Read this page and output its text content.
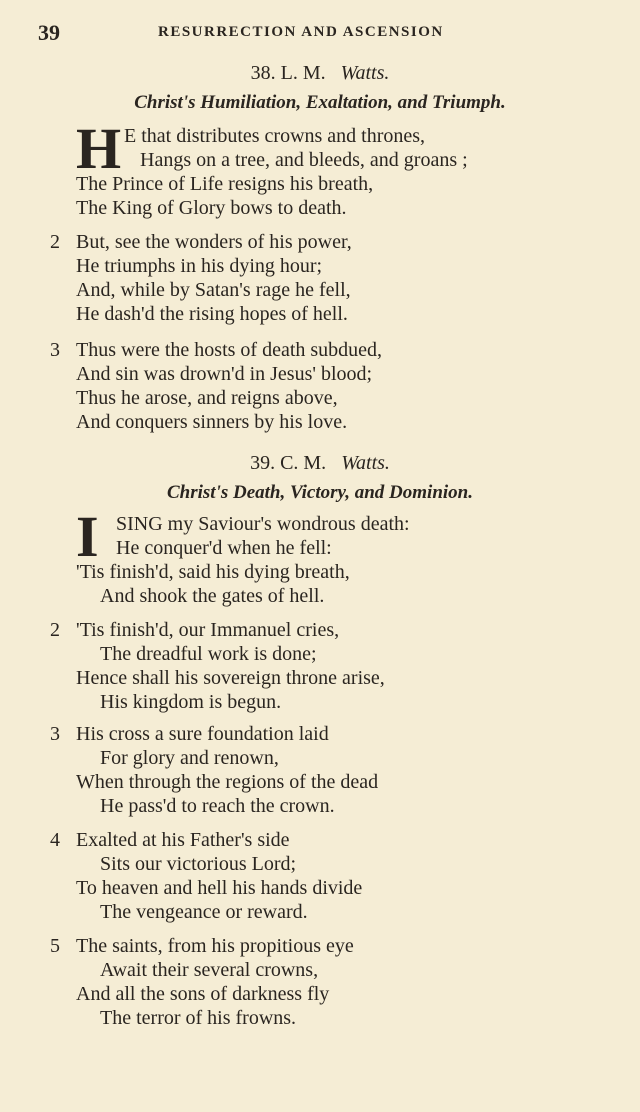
39	RESURRECTION AND ASCENSION
38. L. M. Watts.
Christ's Humiliation, Exaltation, and Triumph.
H E that distributes crowns and thrones,
Hangs on a tree, and bleeds, and groans ;
The Prince of Life resigns his breath,
The King of Glory bows to death.
2 But, see the wonders of his power,
He triumphs in his dying hour;
And, while by Satan's rage he fell,
He dash'd the rising hopes of hell.
3 Thus were the hosts of death subdued,
And sin was drown'd in Jesus' blood;
Thus he arose, and reigns above,
And conquers sinners by his love.
39. C. M. Watts.
Christ's Death, Victory, and Dominion.
I SING my Saviour's wondrous death:
He conquer'd when he fell:
'Tis finish'd, said his dying breath,
And shook the gates of hell.
2 'Tis finish'd, our Immanuel cries,
The dreadful work is done;
Hence shall his sovereign throne arise,
His kingdom is begun.
3 His cross a sure foundation laid
For glory and renown,
When through the regions of the dead
He pass'd to reach the crown.
4 Exalted at his Father's side
Sits our victorious Lord;
To heaven and hell his hands divide
The vengeance or reward.
5 The saints, from his propitious eye
Await their several crowns,
And all the sons of darkness fly
The terror of his frowns.
